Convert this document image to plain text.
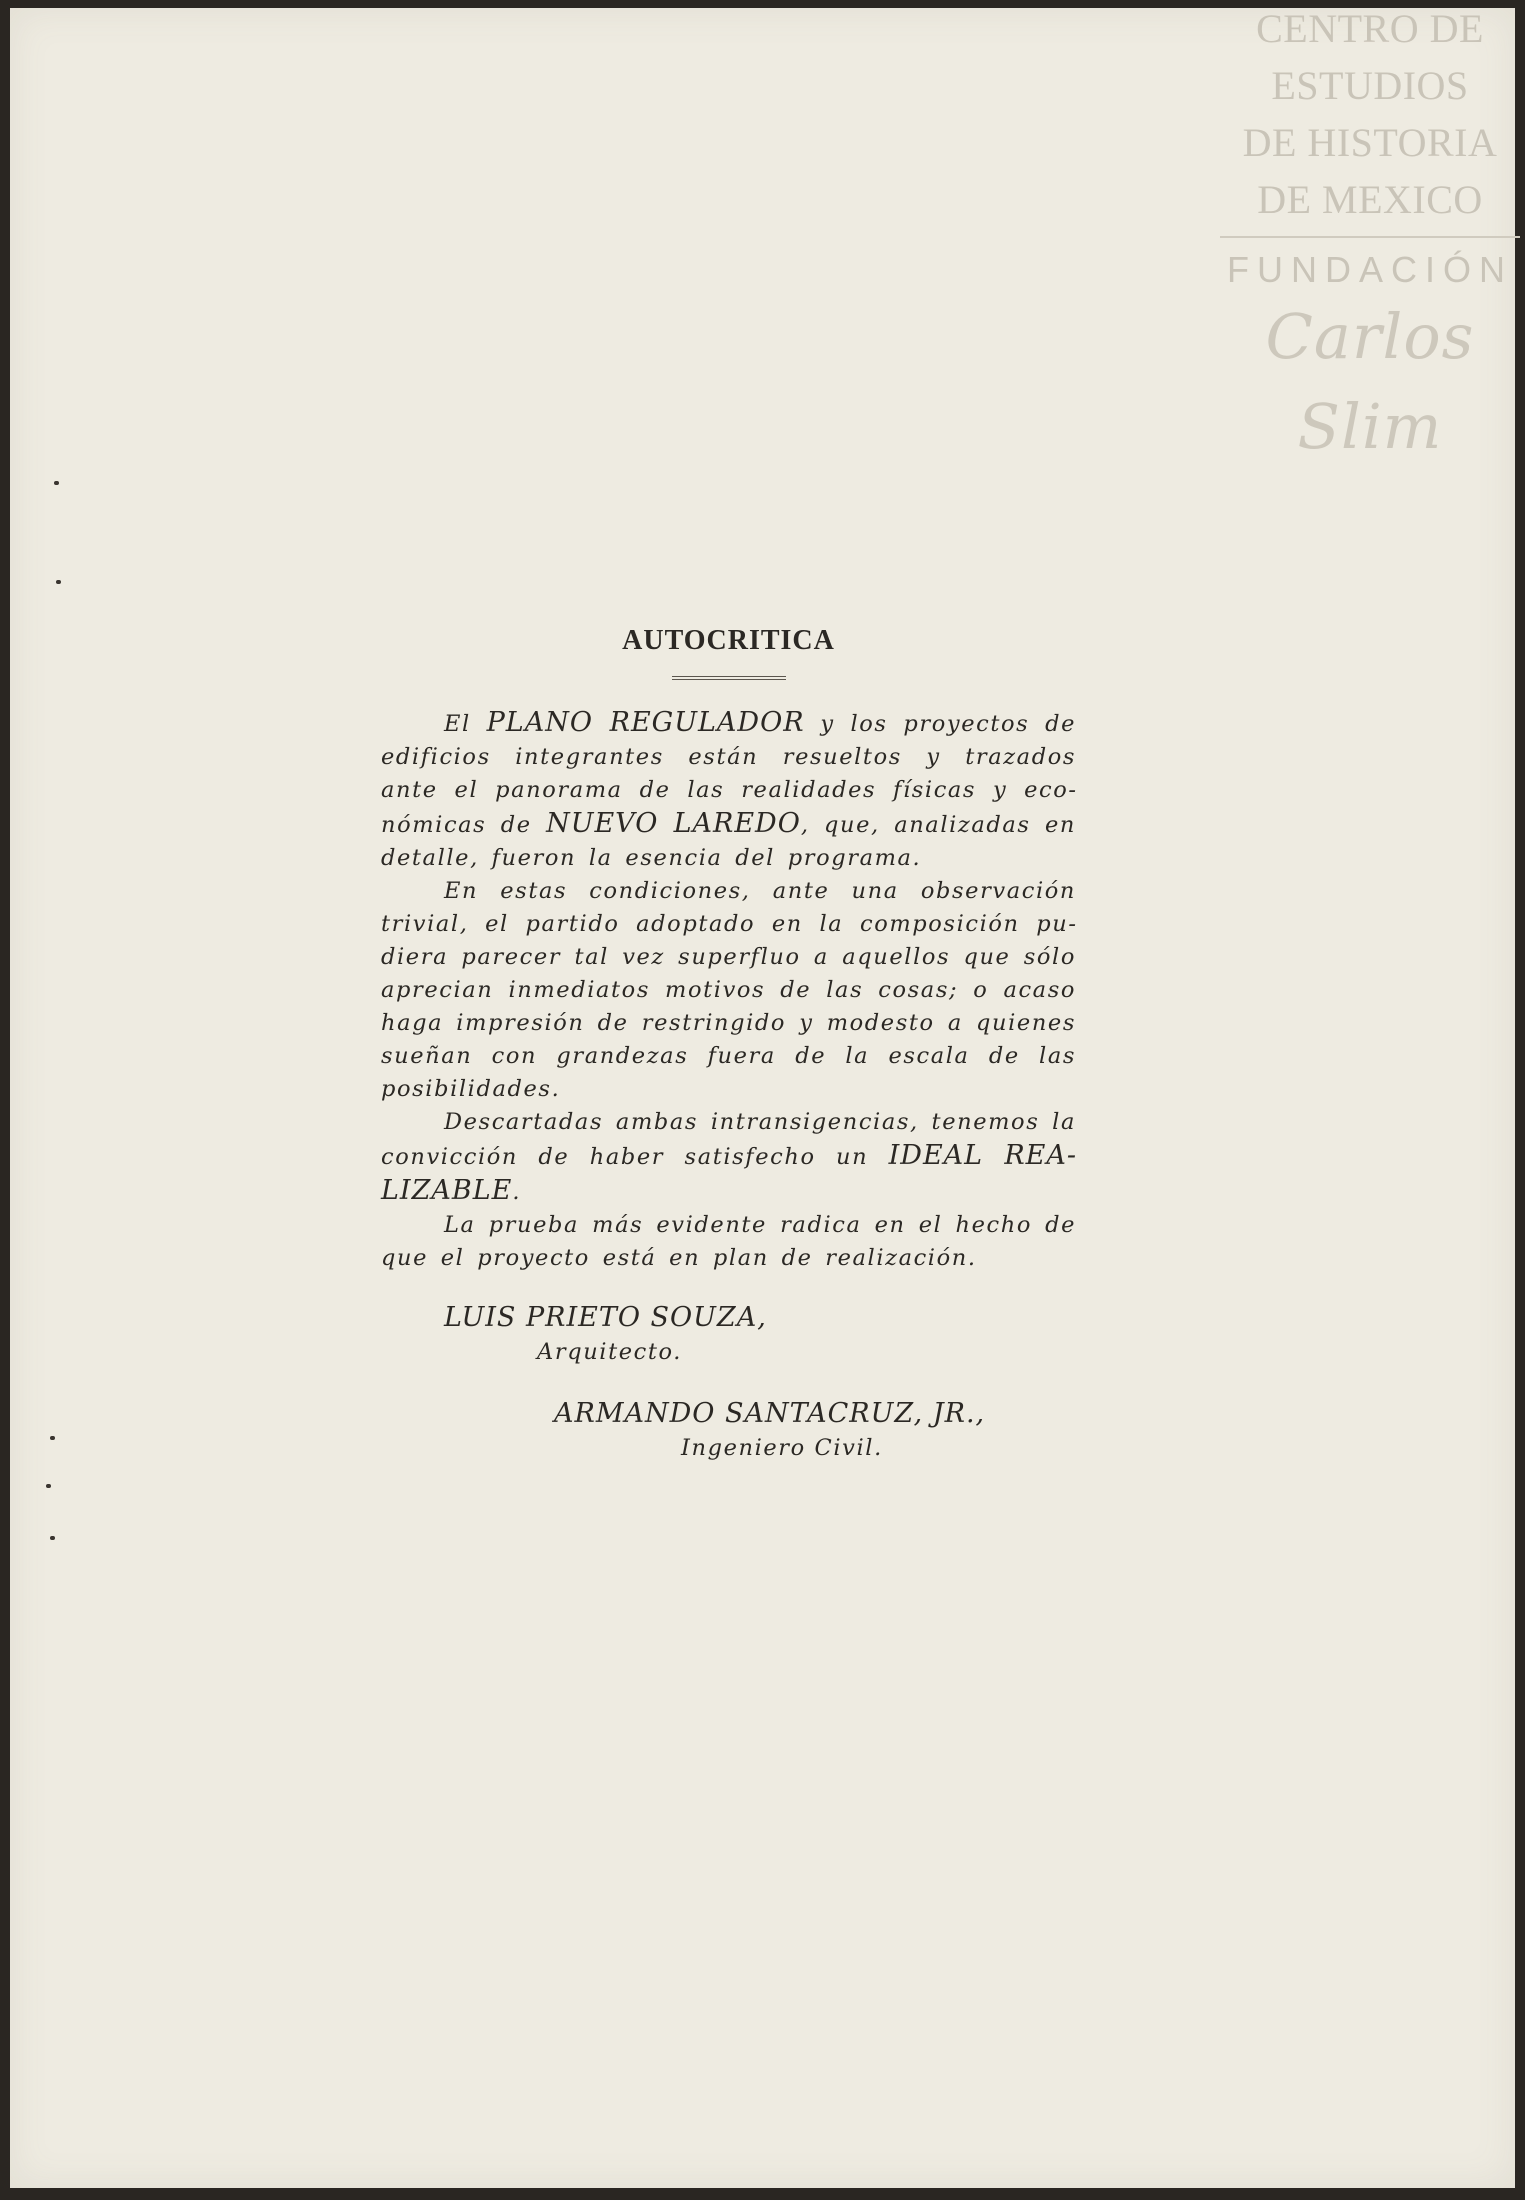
AUTOCRITICA

El PLANO REGULADOR y los proyectos de edificios integrantes están resueltos y trazados ante el panorama de las realidades físicas y económicas de NUEVO LAREDO, que, analizadas en detalle, fueron la esencia del programa.

En estas condiciones, ante una observación trivial, el partido adoptado en la composición pudiera parecer tal vez superfluo a aquellos que sólo aprecian inmediatos motivos de las cosas; o acaso haga impresión de restringido y modesto a quienes sueñan con grandezas fuera de la escala de las posibilidades.

Descartadas ambas intransigencias, tenemos la convicción de haber satisfecho un IDEAL REALIZABLE.

La prueba más evidente radica en el hecho de que el proyecto está en plan de realización.

LUIS PRIETO SOUZA,
Arquitecto.
ARMANDO SANTACRUZ, JR.,
Ingeniero Civil.
CENTRO DE
ESTUDIOS
DE HISTORIA
DE MEXICO
FUNDACIÓN
Carlos Slim
